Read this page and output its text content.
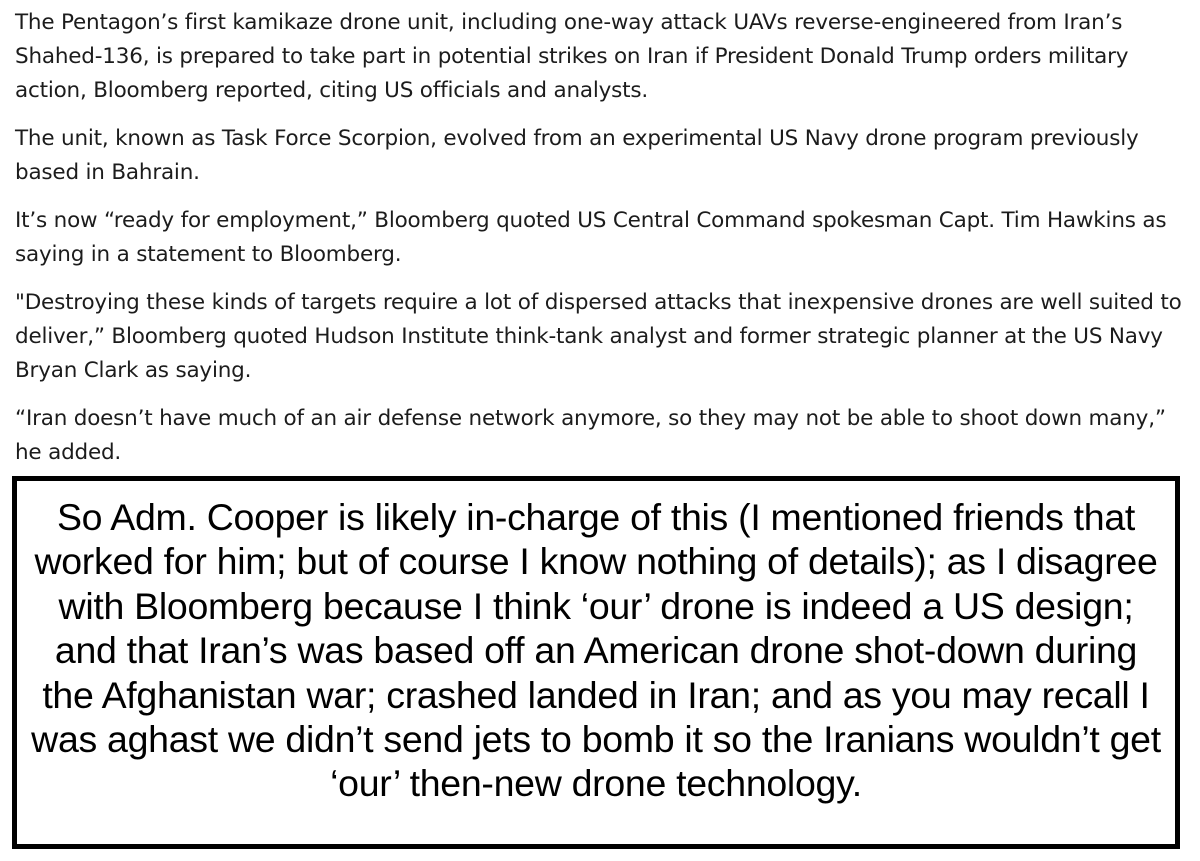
The Pentagon’s first kamikaze drone unit, including one-way attack UAVs reverse-engineered from Iran’s Shahed-136, is prepared to take part in potential strikes on Iran if President Donald Trump orders military action, Bloomberg reported, citing US officials and analysts.

The unit, known as Task Force Scorpion, evolved from an experimental US Navy drone program previously based in Bahrain.

It’s now “ready for employment,” Bloomberg quoted US Central Command spokesman Capt. Tim Hawkins as saying in a statement to Bloomberg.

"Destroying these kinds of targets require a lot of dispersed attacks that inexpensive drones are well suited to deliver,” Bloomberg quoted Hudson Institute think-tank analyst and former strategic planner at the US Navy Bryan Clark as saying.

“Iran doesn’t have much of an air defense network anymore, so they may not be able to shoot down many,” he added.

So Adm. Cooper is likely in-charge of this (I mentioned friends that worked for him; but of course I know nothing of details); as I disagree with Bloomberg because I think ‘our’ drone is indeed a US design; and that Iran’s was based off an American drone shot-down during the Afghanistan war; crashed landed in Iran; and as you may recall I was aghast we didn’t send jets to bomb it so the Iranians wouldn’t get ‘our’ then-new drone technology.
